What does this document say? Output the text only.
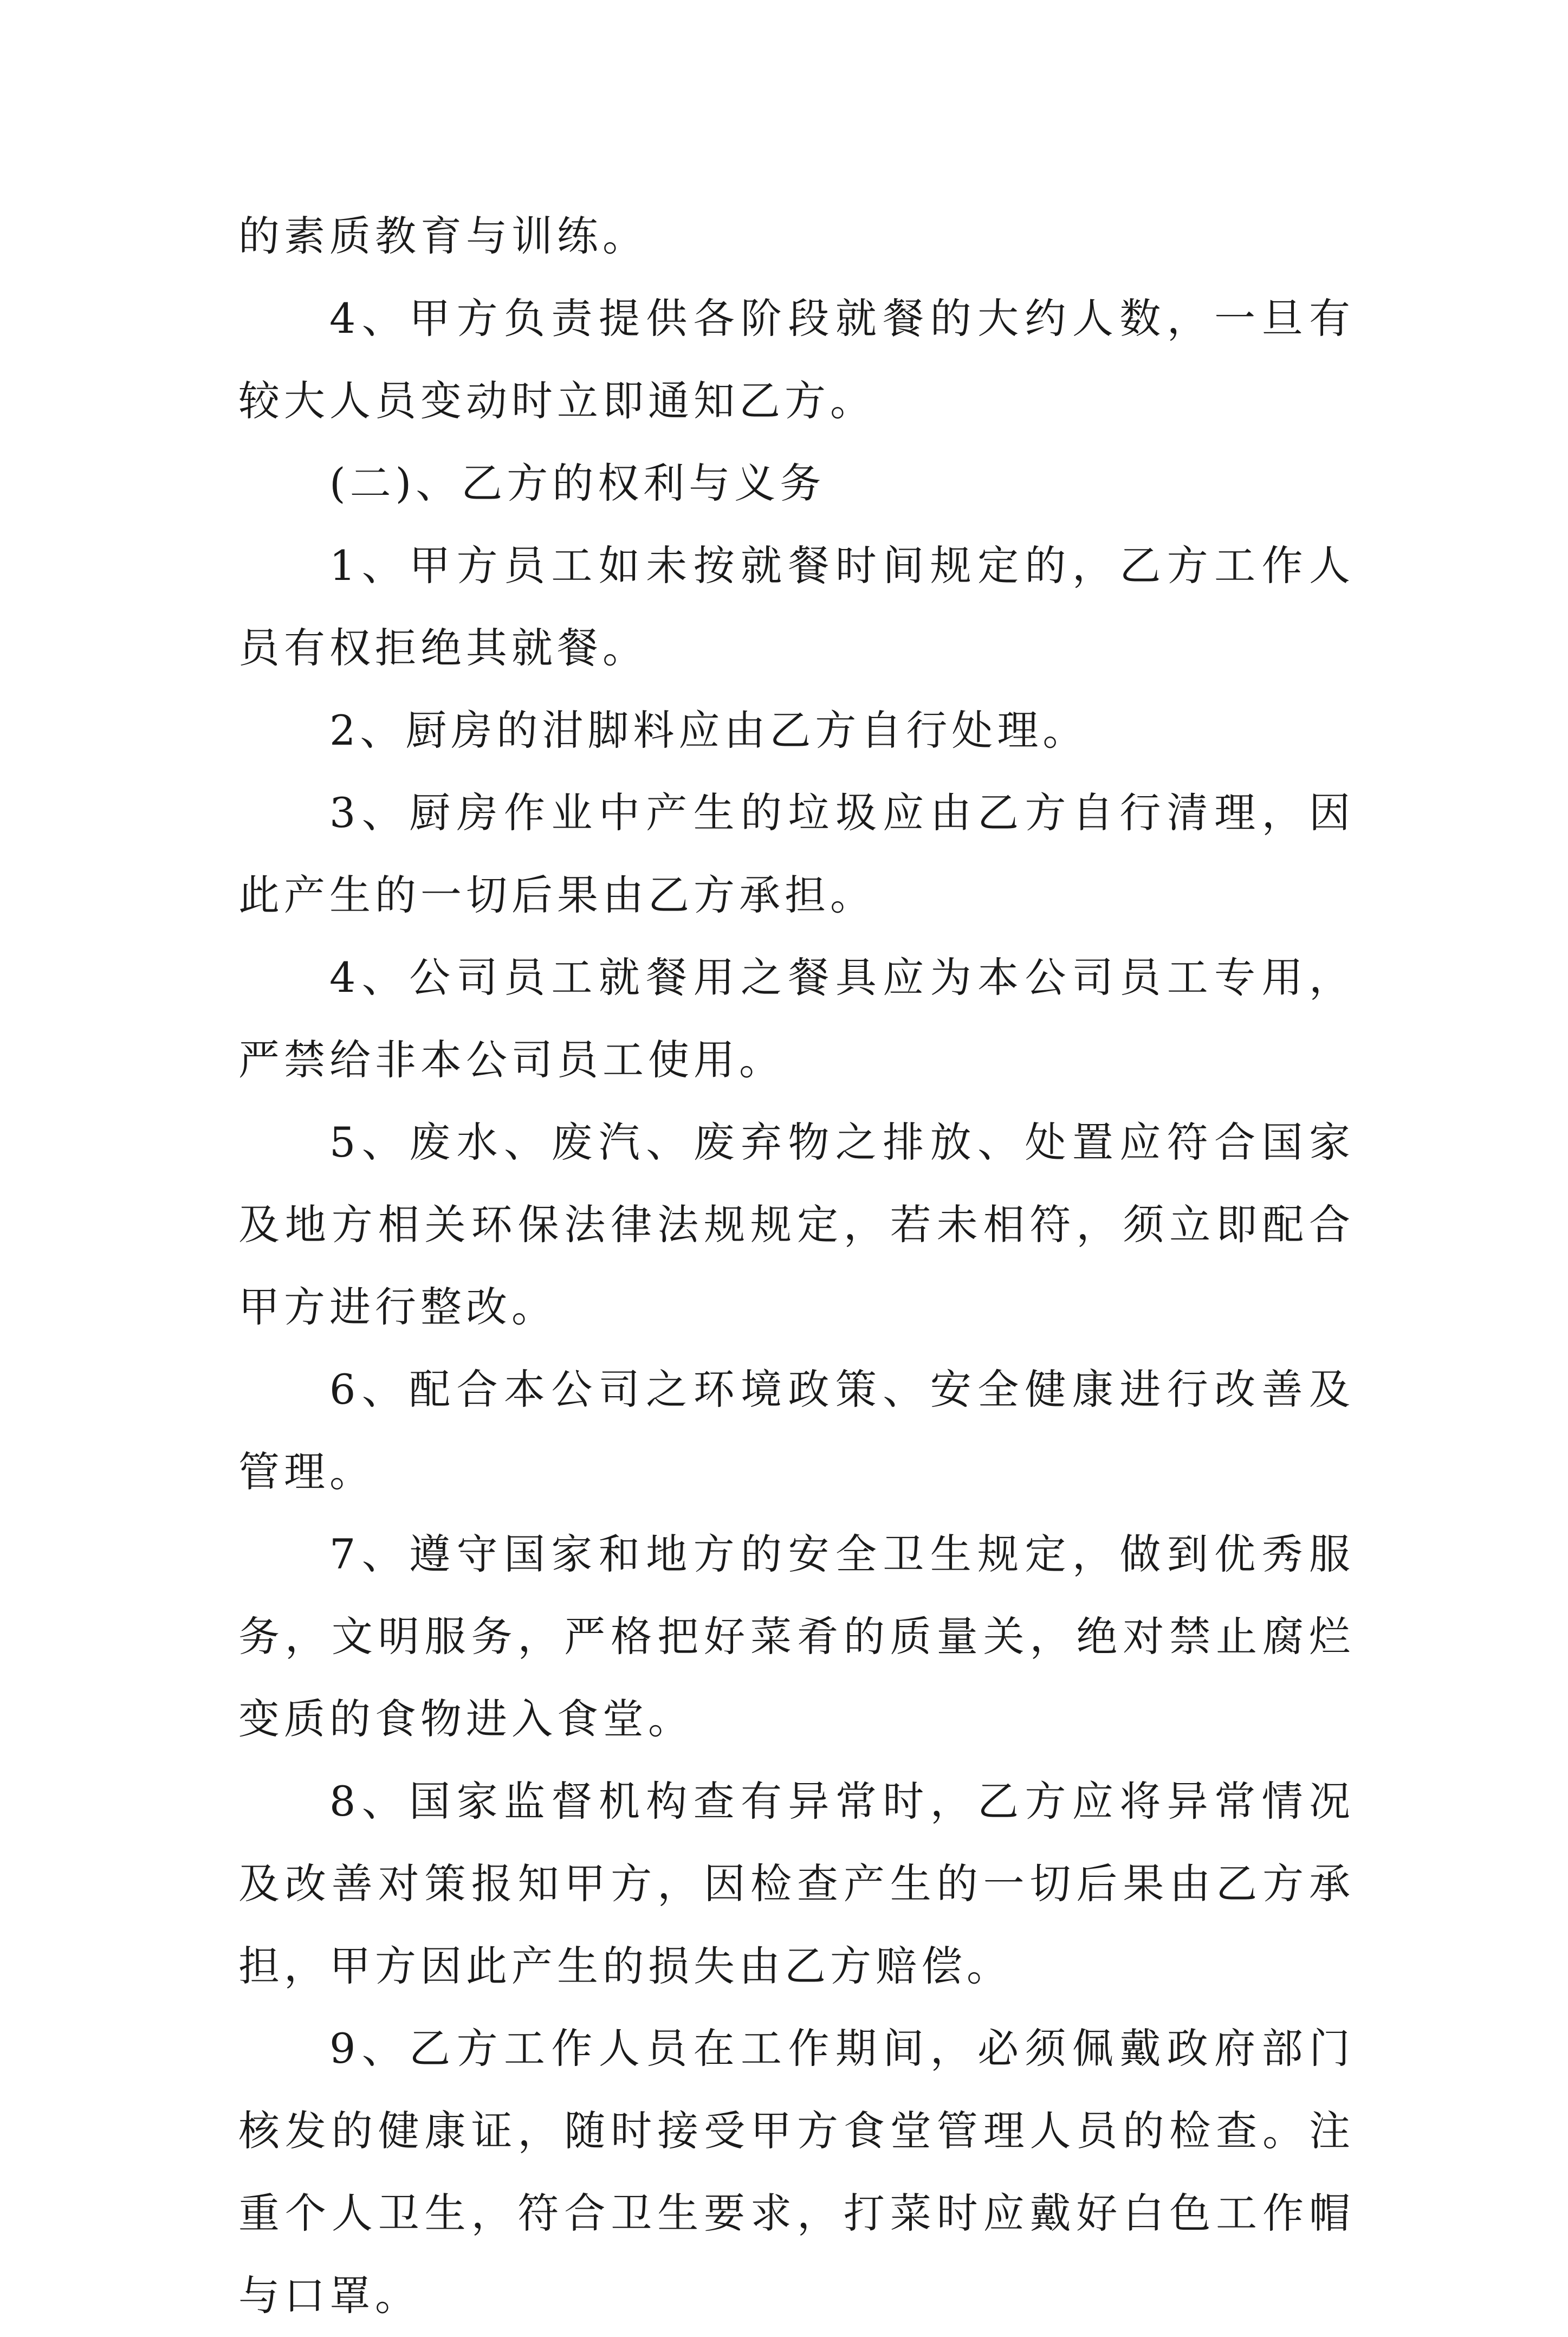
的素质教育与训练。

4、甲方负责提供各阶段就餐的大约人数，一旦有较大人员变动时立即通知乙方。

(二)、乙方的权利与义务

1、甲方员工如未按就餐时间规定的，乙方工作人员有权拒绝其就餐。

2、厨房的泔脚料应由乙方自行处理。

3、厨房作业中产生的垃圾应由乙方自行清理，因此产生的一切后果由乙方承担。

4、公司员工就餐用之餐具应为本公司员工专用，严禁给非本公司员工使用。

5、废水、废汽、废弃物之排放、处置应符合国家及地方相关环保法律法规规定，若未相符，须立即配合甲方进行整改。

6、配合本公司之环境政策、安全健康进行改善及管理。

7、遵守国家和地方的安全卫生规定，做到优秀服务，文明服务，严格把好菜肴的质量关，绝对禁止腐烂变质的食物进入食堂。

8、国家监督机构查有异常时，乙方应将异常情况及改善对策报知甲方，因检查产生的一切后果由乙方承担，甲方因此产生的损失由乙方赔偿。

9、乙方工作人员在工作期间，必须佩戴政府部门核发的健康证，随时接受甲方食堂管理人员的检查。注重个人卫生，符合卫生要求，打菜时应戴好白色工作帽与口罩。
